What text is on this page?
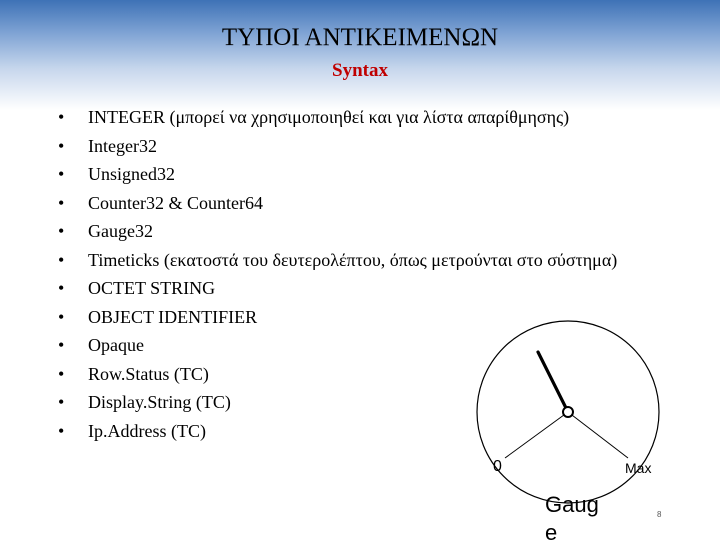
ΤΥΠΟΙ ΑΝΤΙΚΕΙΜΕΝΩΝ
Syntax
• INTEGER (μπορεί να χρησιμοποιηθεί και για λίστα απαρίθμησης)
• Integer32
• Unsigned32
• Counter32 & Counter64
• Gauge32
• Timeticks (εκατοστά του δευτερολέπτου, όπως μετρούνται στο σύστημα)
• OCTET STRING
• OBJECT IDENTIFIER
• Opaque
• Row.Status (TC)
• Display.String (TC)
• Ip.Address (TC)
0	Max
Gaug e
8
